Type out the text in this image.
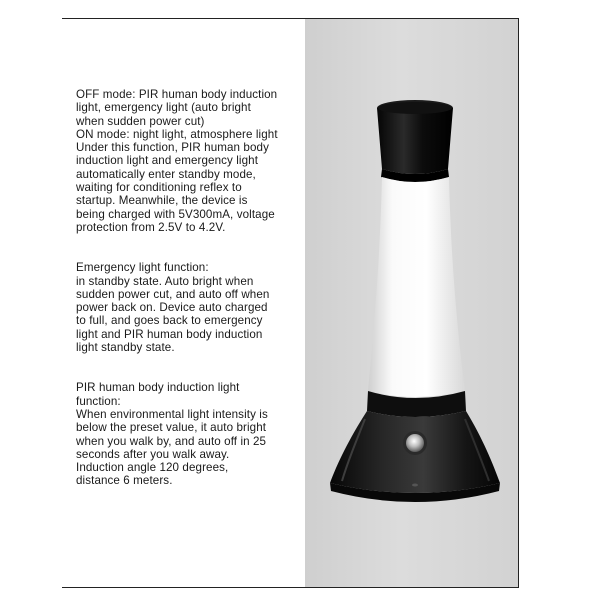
OFF mode: PIR human body induction
light, emergency light (auto bright
when sudden power cut)
ON mode: night light, atmosphere light
Under this function, PIR human body
induction light and emergency light
automatically enter standby mode,
waiting for conditioning reflex to
startup. Meanwhile, the device is
being charged with 5V300mA, voltage
protection from 2.5V to 4.2V.

Emergency light function:
in standby state. Auto bright when
sudden power cut, and auto off when
power back on. Device auto charged
to full, and goes back to emergency
light and PIR human body induction
light standby state.

PIR human body induction light
function:
When environmental light intensity is
below the preset value, it auto bright
when you walk by, and auto off in 25
seconds after you walk away.
Induction angle 120 degrees,
distance 6 meters.
